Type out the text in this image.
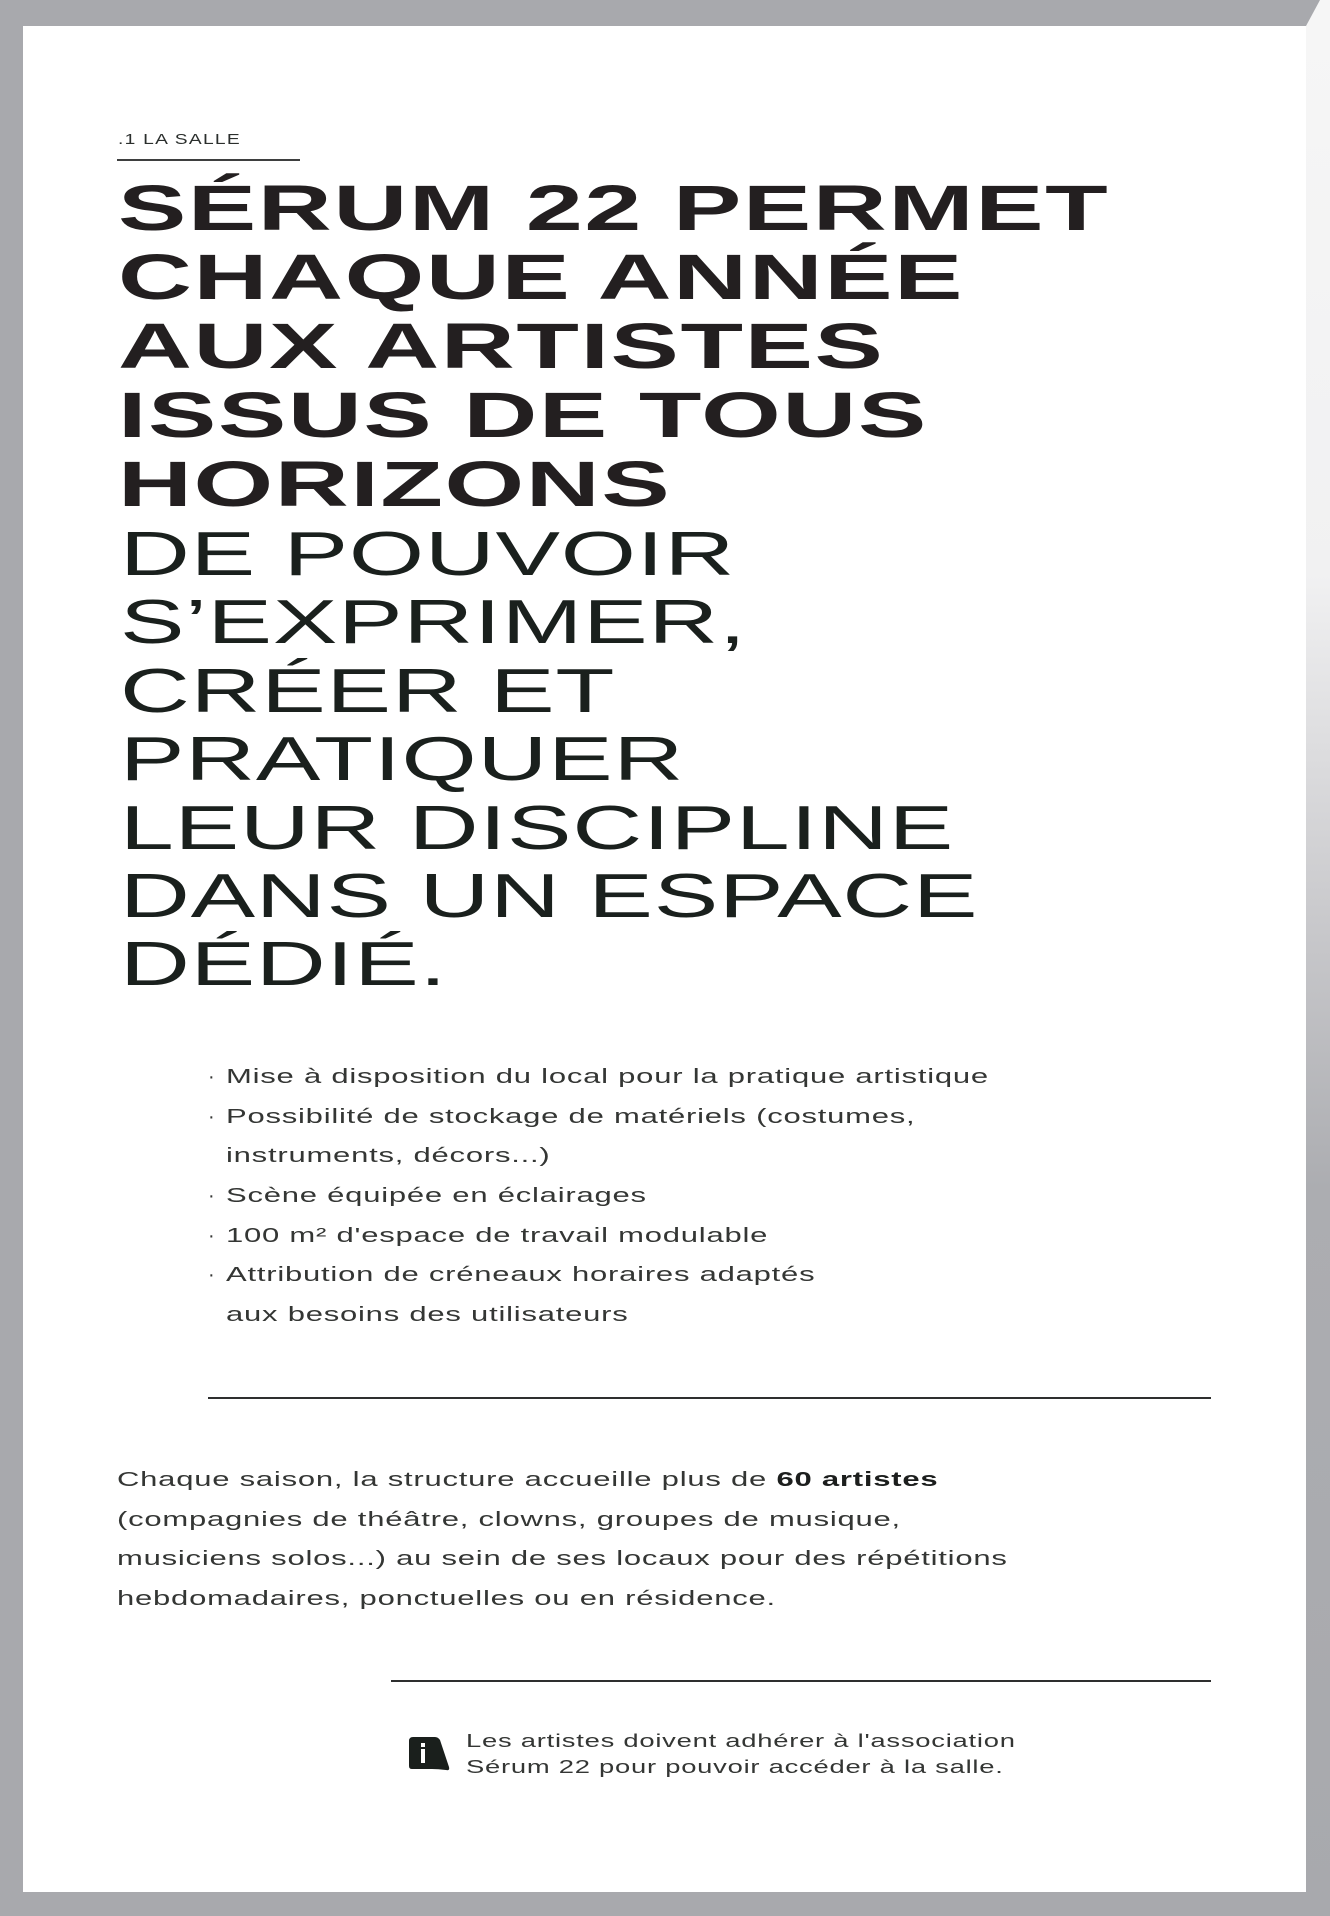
.1 LA SALLE
SÉRUM 22 PERMET
CHAQUE ANNÉE
AUX ARTISTES
ISSUS DE TOUS
HORIZONS
DE POUVOIR
S’EXPRIMER,
CRÉER ET
PRATIQUER
LEUR DISCIPLINE
DANS UN ESPACE
DÉDIÉ.
· Mise à disposition du local pour la pratique artistique
· Possibilité de stockage de matériels (costumes,
instruments, décors...)
· Scène équipée en éclairages
· 100 m² d'espace de travail modulable
· Attribution de créneaux horaires adaptés
aux besoins des utilisateurs
Chaque saison, la structure accueille plus de 60 artistes
(compagnies de théâtre, clowns, groupes de musique,
musiciens solos...) au sein de ses locaux pour des répétitions
hebdomadaires, ponctuelles ou en résidence.
Les artistes doivent adhérer à l'association
Sérum 22 pour pouvoir accéder à la salle.
